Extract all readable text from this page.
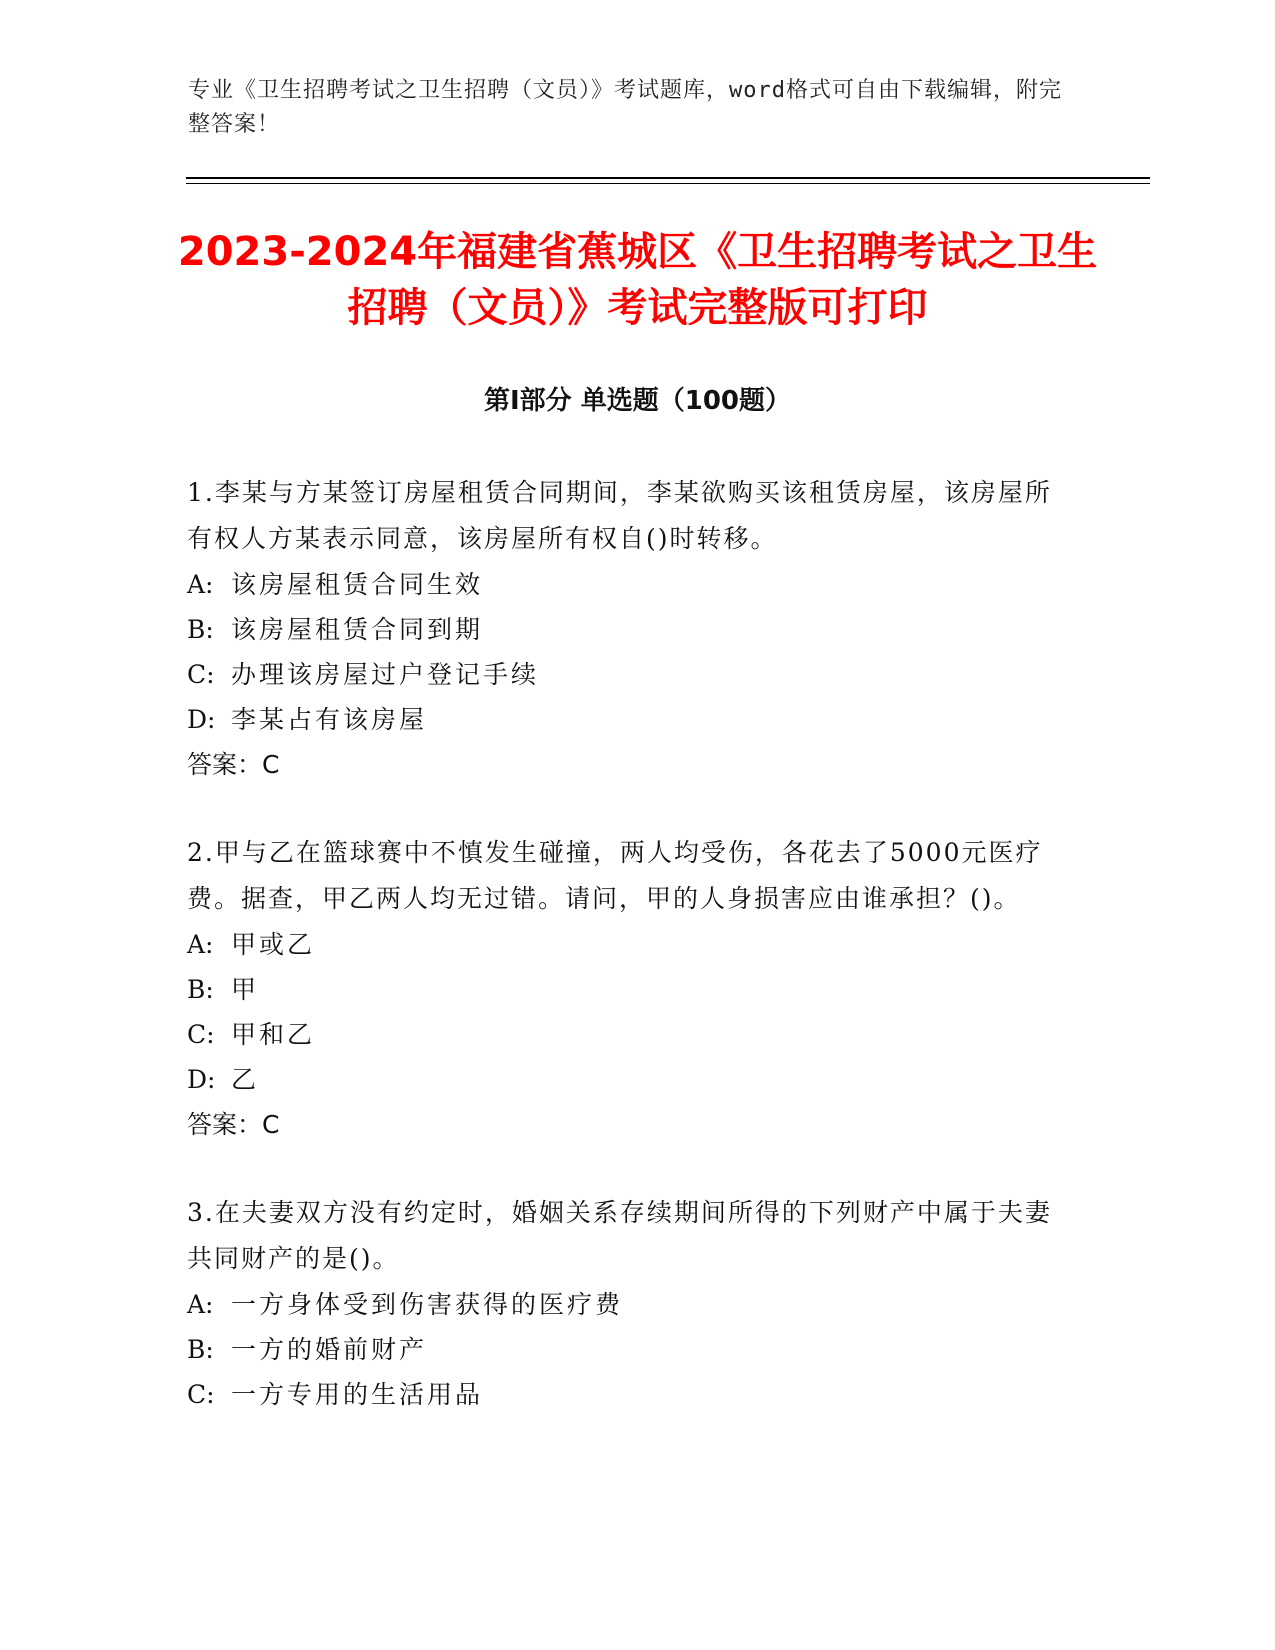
专业《卫生招聘考试之卫生招聘（文员）》考试题库，word格式可自由下载编辑，附完整答案！
2023-2024年福建省蕉城区《卫生招聘考试之卫生招聘（文员）》考试完整版可打印
第I部分 单选题（100题）

1.李某与方某签订房屋租赁合同期间，李某欲购买该租赁房屋，该房屋所有权人方某表示同意，该房屋所有权自()时转移。

A: 该房屋租赁合同生效

B: 该房屋租赁合同到期

C: 办理该房屋过户登记手续

D: 李某占有该房屋

答案：C

2.甲与乙在篮球赛中不慎发生碰撞，两人均受伤，各花去了5000元医疗费。据查，甲乙两人均无过错。请问，甲的人身损害应由谁承担？()。

A: 甲或乙

B: 甲

C: 甲和乙

D: 乙

答案：C

3.在夫妻双方没有约定时，婚姻关系存续期间所得的下列财产中属于夫妻共同财产的是()。

A: 一方身体受到伤害获得的医疗费

B: 一方的婚前财产

C: 一方专用的生活用品
